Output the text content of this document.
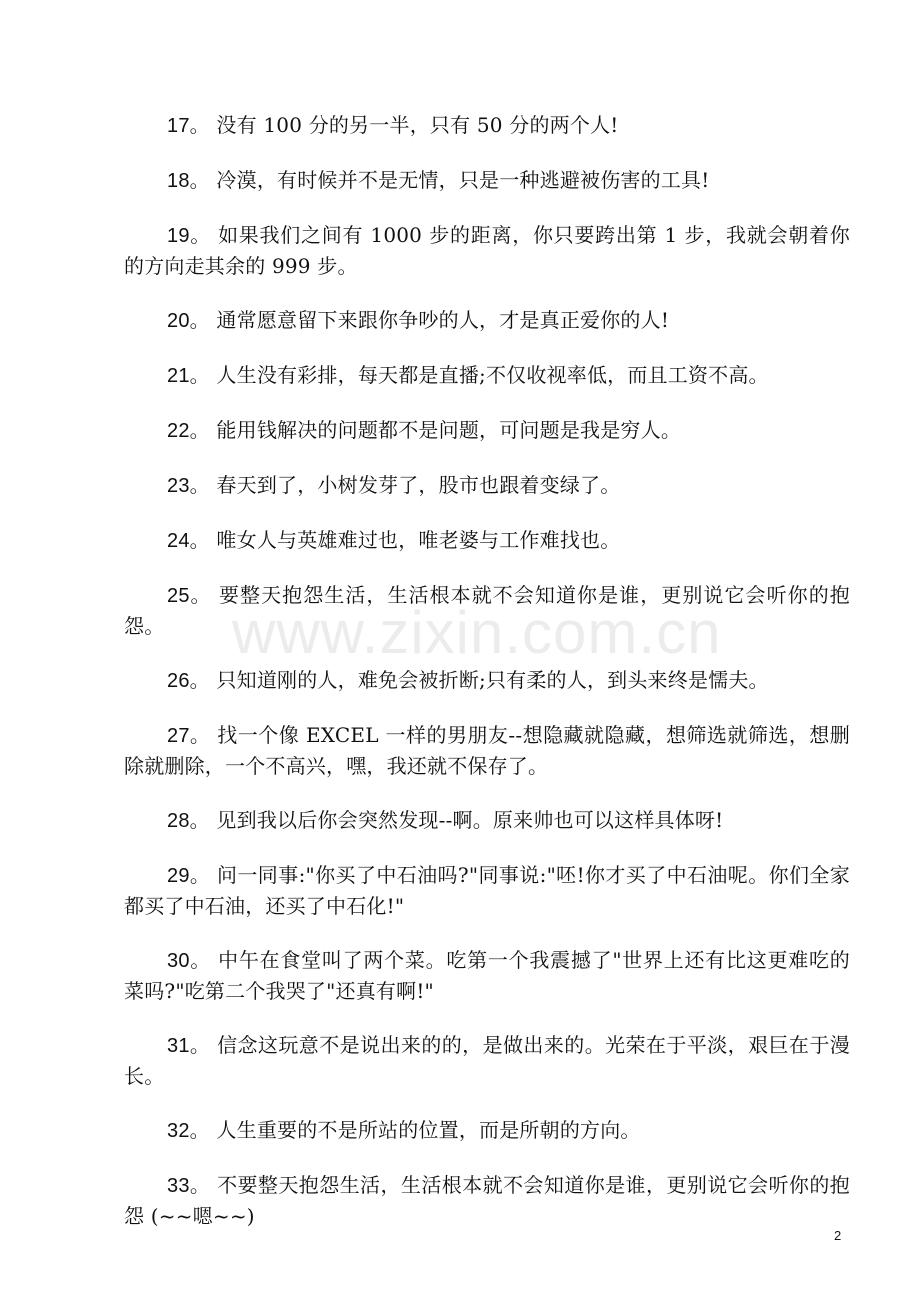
17。 没有 100 分的另一半，只有 50 分的两个人!

18。 冷漠，有时候并不是无情，只是一种逃避被伤害的工具!

19。 如果我们之间有 1000 步的距离，你只要跨出第 1 步，我就会朝着你的方向走其余的 999 步。

20。 通常愿意留下来跟你争吵的人，才是真正爱你的人!

21。 人生没有彩排，每天都是直播;不仅收视率低，而且工资不高。

22。 能用钱解决的问题都不是问题，可问题是我是穷人。

23。 春天到了，小树发芽了，股市也跟着变绿了。

24。 唯女人与英雄难过也，唯老婆与工作难找也。

25。 要整天抱怨生活，生活根本就不会知道你是谁，更别说它会听你的抱怨。

26。 只知道刚的人，难免会被折断;只有柔的人，到头来终是懦夫。

27。 找一个像 EXCEL 一样的男朋友--想隐藏就隐藏，想筛选就筛选，想删除就删除，一个不高兴，嘿，我还就不保存了。

28。 见到我以后你会突然发现--啊。原来帅也可以这样具体呀!

29。 问一同事:"你买了中石油吗?"同事说:"呸!你才买了中石油呢。你们全家都买了中石油，还买了中石化!"

30。 中午在食堂叫了两个菜。吃第一个我震撼了"世界上还有比这更难吃的菜吗?"吃第二个我哭了"还真有啊!"

31。 信念这玩意不是说出来的的，是做出来的。光荣在于平淡，艰巨在于漫长。

32。 人生重要的不是所站的位置，而是所朝的方向。

33。 不要整天抱怨生活，生活根本就不会知道你是谁，更别说它会听你的抱怨 (~~嗯~~)

www.zixin.com.cn
2
